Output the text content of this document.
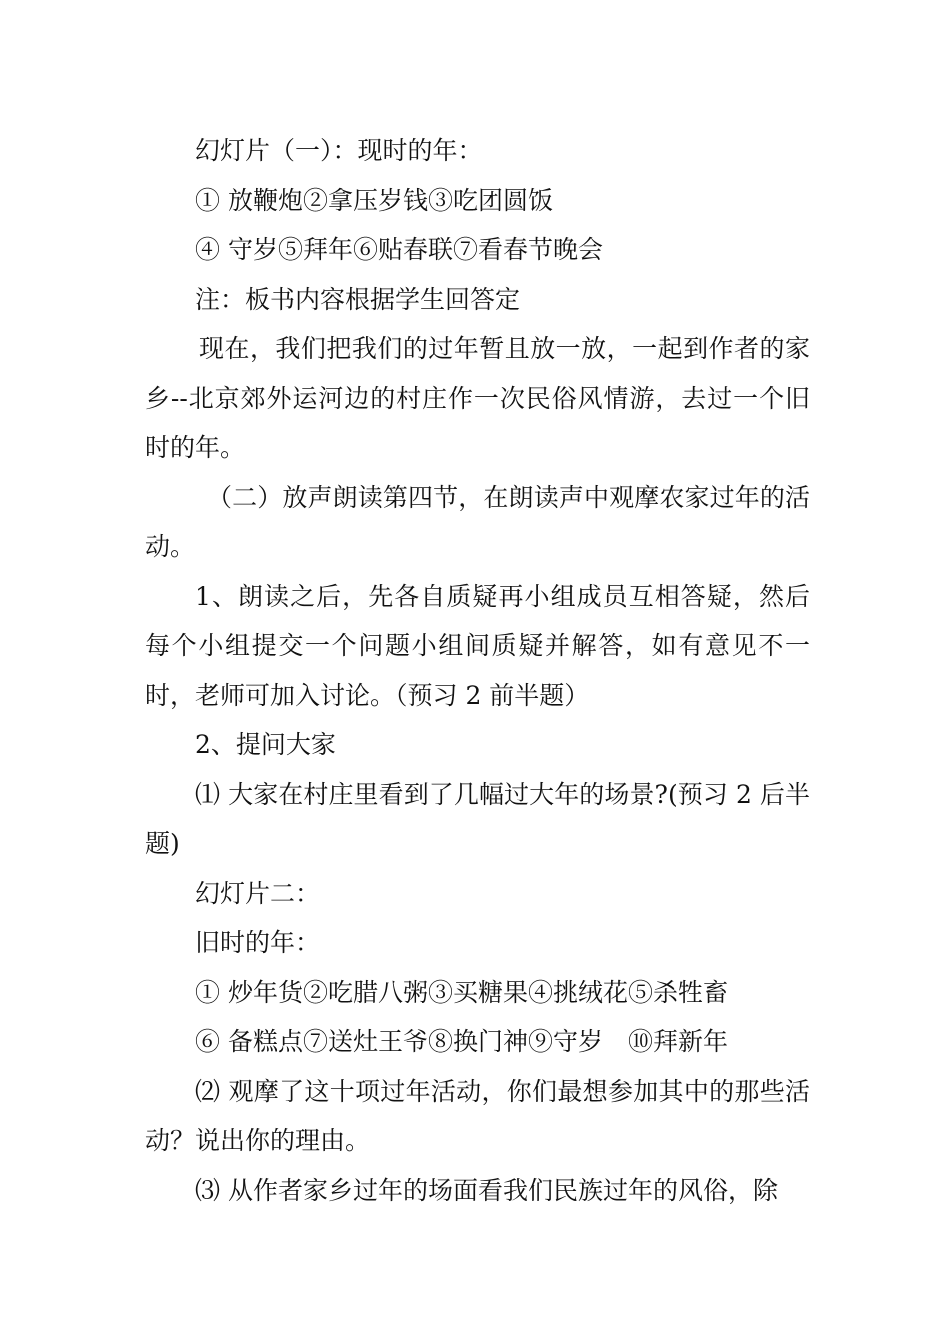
幻灯片（一）：现时的年：

① 放鞭炮②拿压岁钱③吃团圆饭

④ 守岁⑤拜年⑥贴春联⑦看春节晚会

注：板书内容根据学生回答定

现在，我们把我们的过年暂且放一放，一起到作者的家乡--北京郊外运河边的村庄作一次民俗风情游，去过一个旧时的年。

（二）放声朗读第四节，在朗读声中观摩农家过年的活动。

1、朗读之后，先各自质疑再小组成员互相答疑，然后每个小组提交一个问题小组间质疑并解答，如有意见不一时，老师可加入讨论。（预习 2 前半题）

2、提问大家

⑴ 大家在村庄里看到了几幅过大年的场景?(预习 2 后半题)

幻灯片二：

旧时的年：

① 炒年货②吃腊八粥③买糖果④挑绒花⑤杀牲畜

⑥ 备糕点⑦送灶王爷⑧换门神⑨守岁　⑩拜新年

⑵ 观摩了这十项过年活动，你们最想参加其中的那些活动？说出你的理由。

⑶ 从作者家乡过年的场面看我们民族过年的风俗，除
